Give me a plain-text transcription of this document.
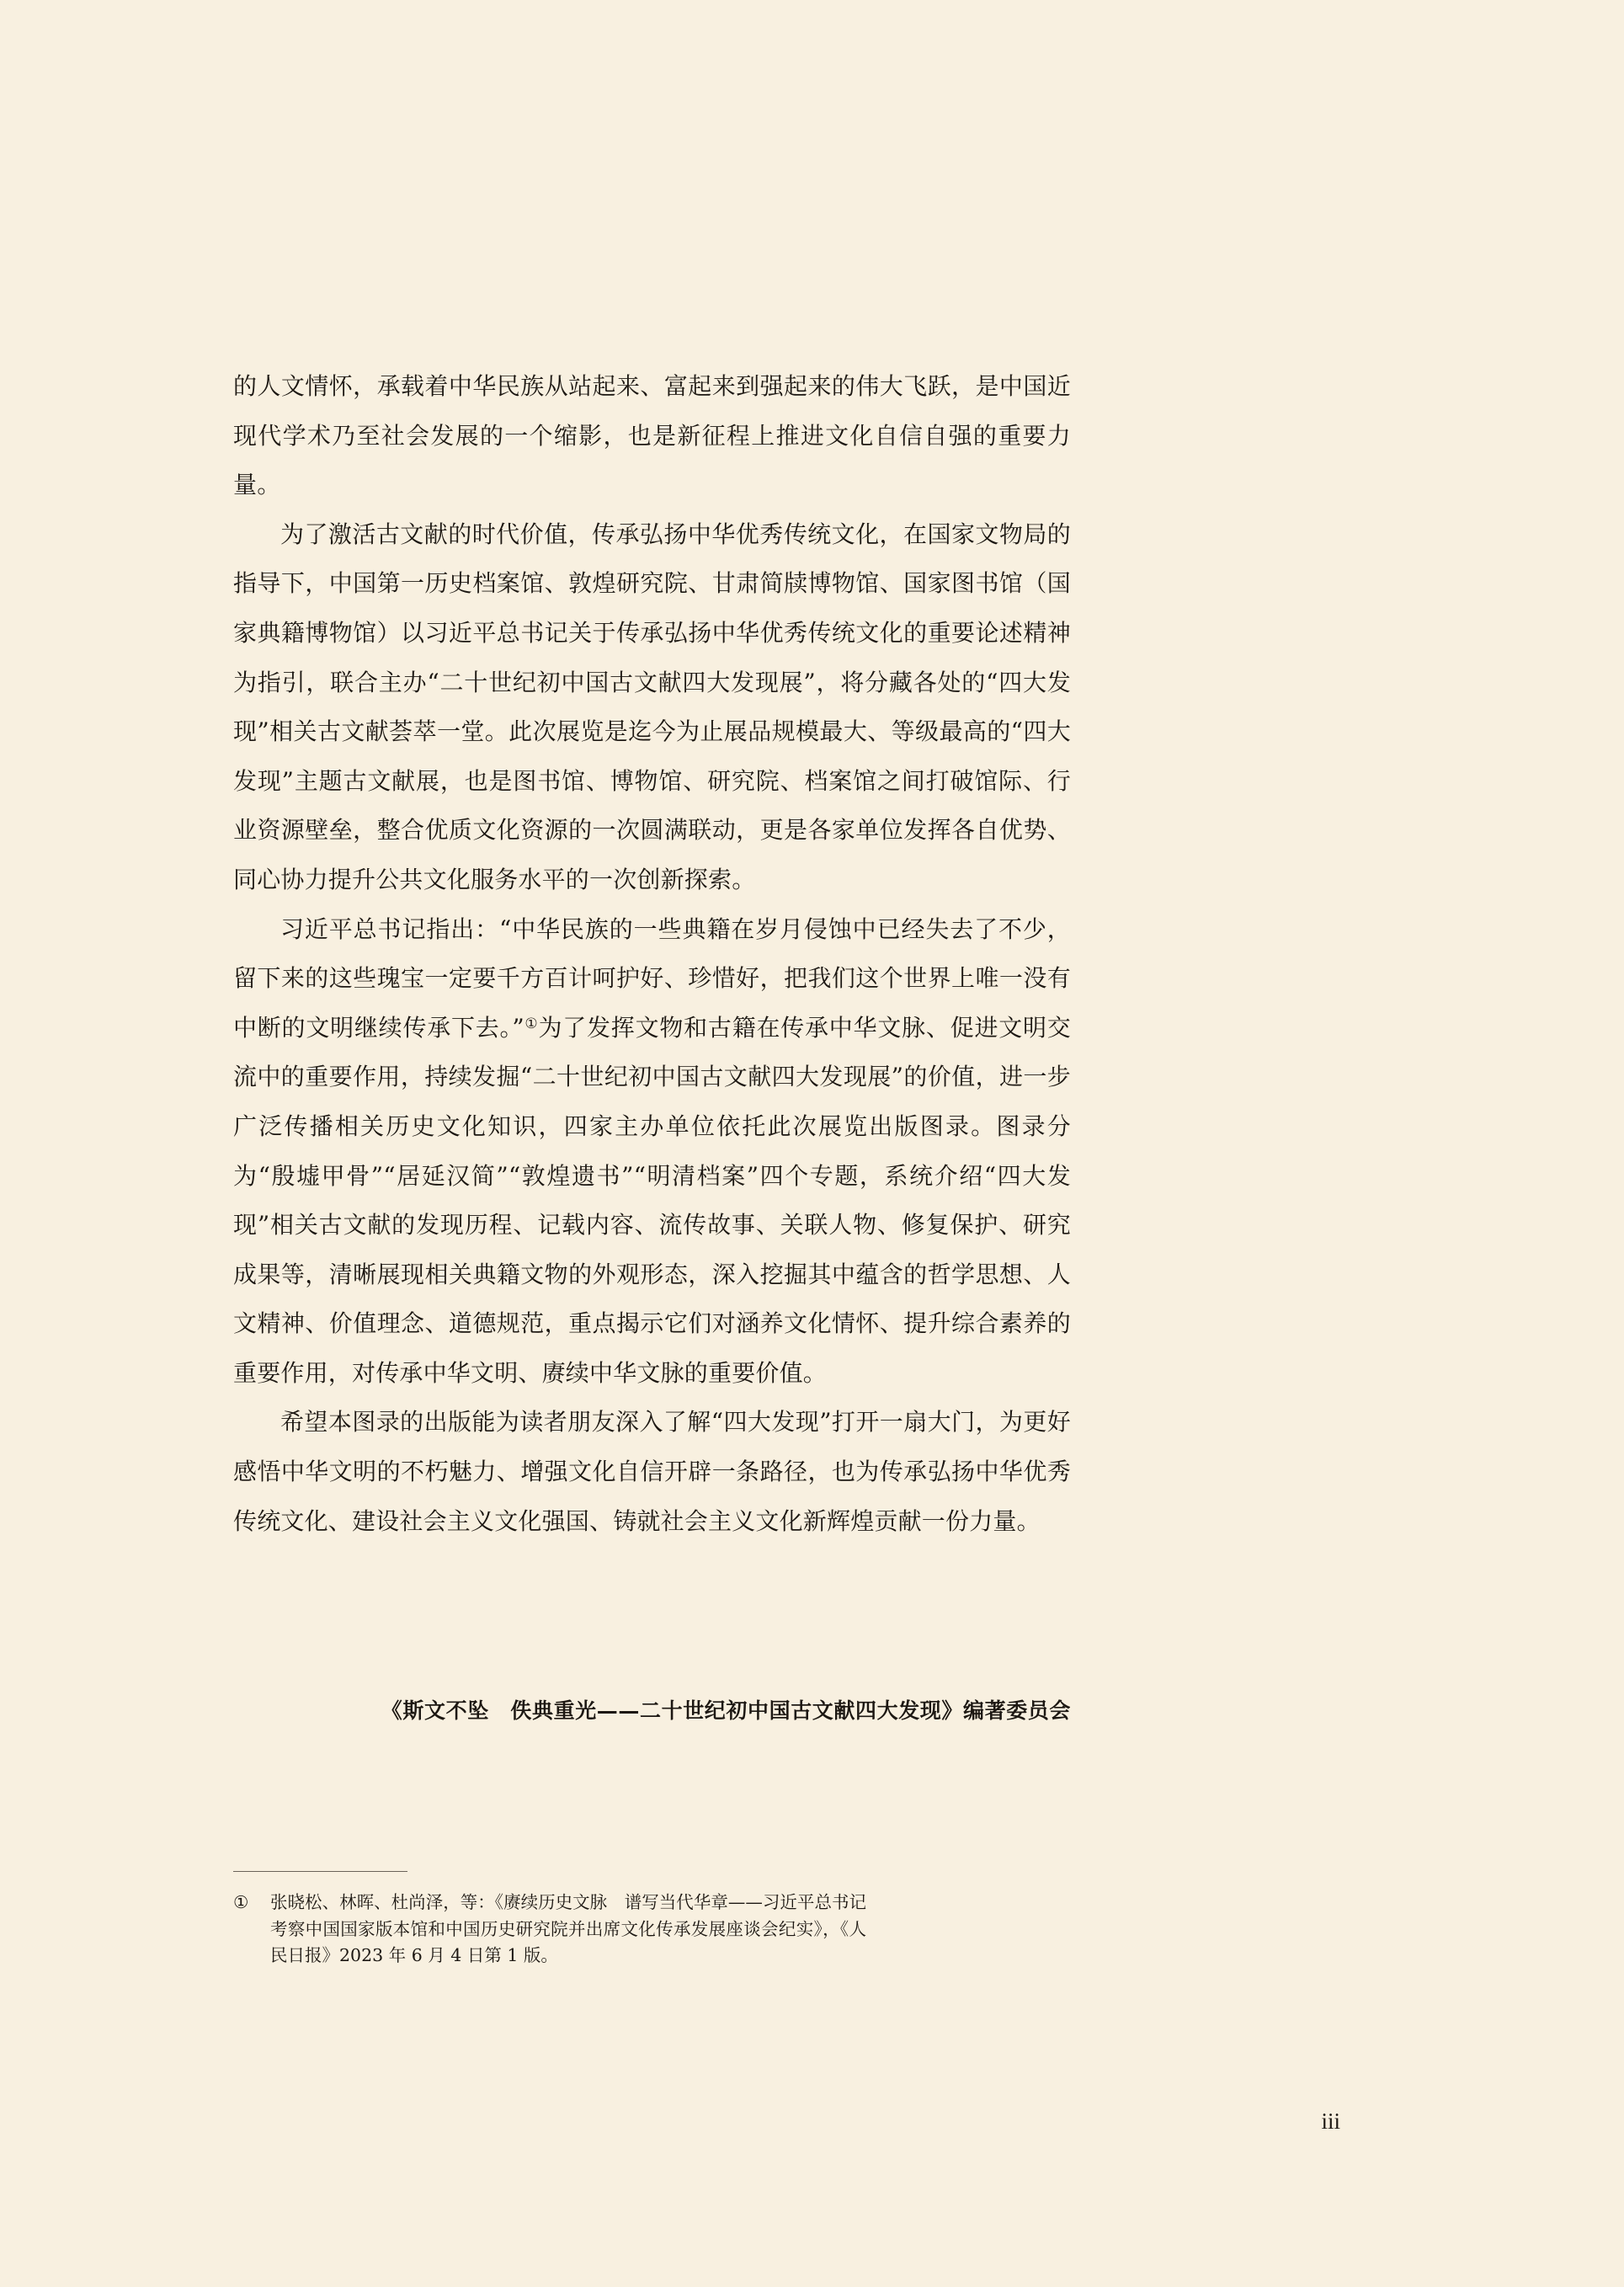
的人文情怀，承载着中华民族从站起来、富起来到强起来的伟大飞跃，是中国近现代学术乃至社会发展的一个缩影，也是新征程上推进文化自信自强的重要力量。

为了激活古文献的时代价值，传承弘扬中华优秀传统文化，在国家文物局的指导下，中国第一历史档案馆、敦煌研究院、甘肃简牍博物馆、国家图书馆（国家典籍博物馆）以习近平总书记关于传承弘扬中华优秀传统文化的重要论述精神为指引，联合主办“二十世纪初中国古文献四大发现展”，将分藏各处的“四大发现”相关古文献荟萃一堂。此次展览是迄今为止展品规模最大、等级最高的“四大发现”主题古文献展，也是图书馆、博物馆、研究院、档案馆之间打破馆际、行业资源壁垒，整合优质文化资源的一次圆满联动，更是各家单位发挥各自优势、同心协力提升公共文化服务水平的一次创新探索。

习近平总书记指出：“中华民族的一些典籍在岁月侵蚀中已经失去了不少，留下来的这些瑰宝一定要千方百计呵护好、珍惜好，把我们这个世界上唯一没有中断的文明继续传承下去。”①为了发挥文物和古籍在传承中华文脉、促进文明交流中的重要作用，持续发掘“二十世纪初中国古文献四大发现展”的价值，进一步广泛传播相关历史文化知识，四家主办单位依托此次展览出版图录。图录分为“殷墟甲骨”“居延汉简”“敦煌遗书”“明清档案”四个专题，系统介绍“四大发现”相关古文献的发现历程、记载内容、流传故事、关联人物、修复保护、研究成果等，清晰展现相关典籍文物的外观形态，深入挖掘其中蕴含的哲学思想、人文精神、价值理念、道德规范，重点揭示它们对涵养文化情怀、提升综合素养的重要作用，对传承中华文明、赓续中华文脉的重要价值。

希望本图录的出版能为读者朋友深入了解“四大发现”打开一扇大门，为更好感悟中华文明的不朽魅力、增强文化自信开辟一条路径，也为传承弘扬中华优秀传统文化、建设社会主义文化强国、铸就社会主义文化新辉煌贡献一份力量。

《斯文不坠　佚典重光——二十世纪初中国古文献四大发现》编著委员会
①	张晓松、林晖、杜尚泽，等：《赓续历史文脉　谱写当代华章——习近平总书记考察中国国家版本馆和中国历史研究院并出席文化传承发展座谈会纪实》，《人民日报》2023 年 6 月 4 日第 1 版。
iii
